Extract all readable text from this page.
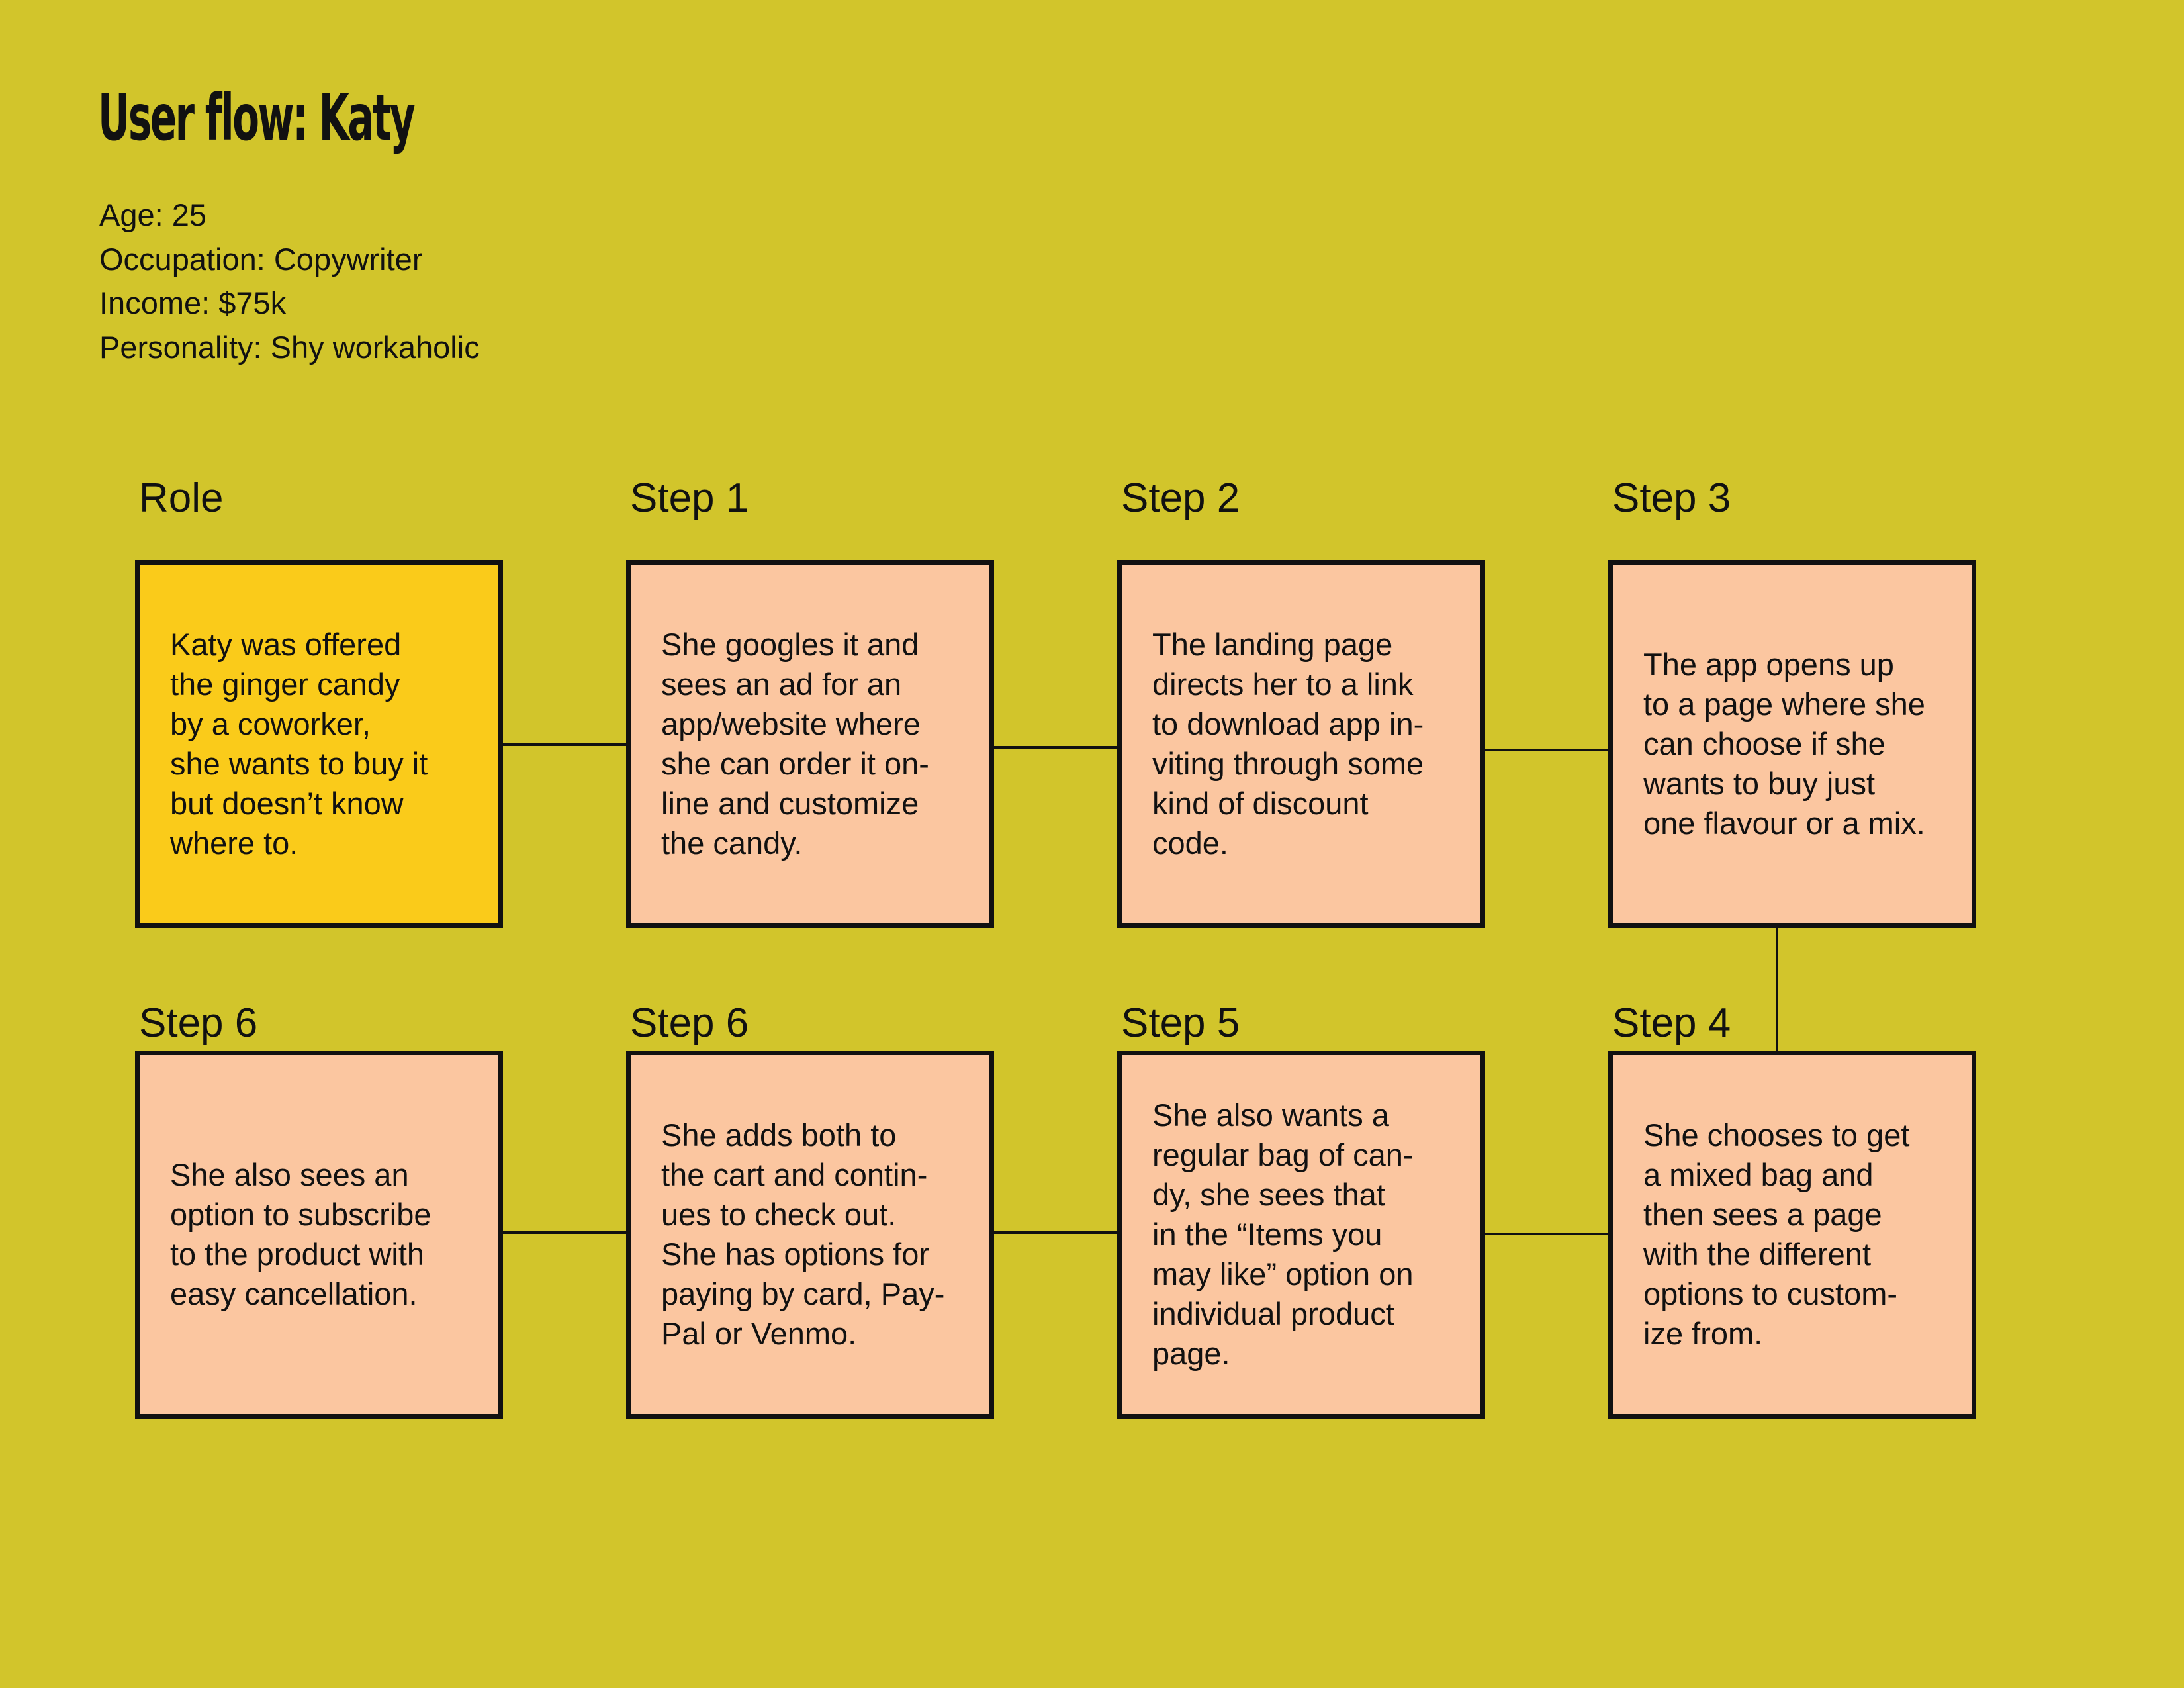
User flow: Katy
Age: 25
Occupation: Copywriter
Income: $75k
Personality: Shy workaholic
Role	Step 1	Step 2	Step 3
Step 4
Step 5
Step 6
Step 6
Katy was offered
the ginger candy
by a coworker,
she wants to buy it
but doesn’t know
where to.
She googles it and
sees an ad for an
app/website where
she can order it on-
line and customize
the candy.
The landing page
directs her to a link
to download app in-
viting through some
kind of discount
code.
The app opens up
to a page where she
can choose if she
wants to buy just
one flavour or a mix.
She chooses to get
a mixed bag and
then sees a page
with the different
options to custom-
ize from.
She also wants a
regular bag of can-
dy, she sees that
in the “Items you
may like” option on
individual product
page.
She adds both to
the cart and contin-
ues to check out.
She has options for
paying by card, Pay-
Pal or Venmo.
She also sees an
option to subscribe
to the product with
easy cancellation.
